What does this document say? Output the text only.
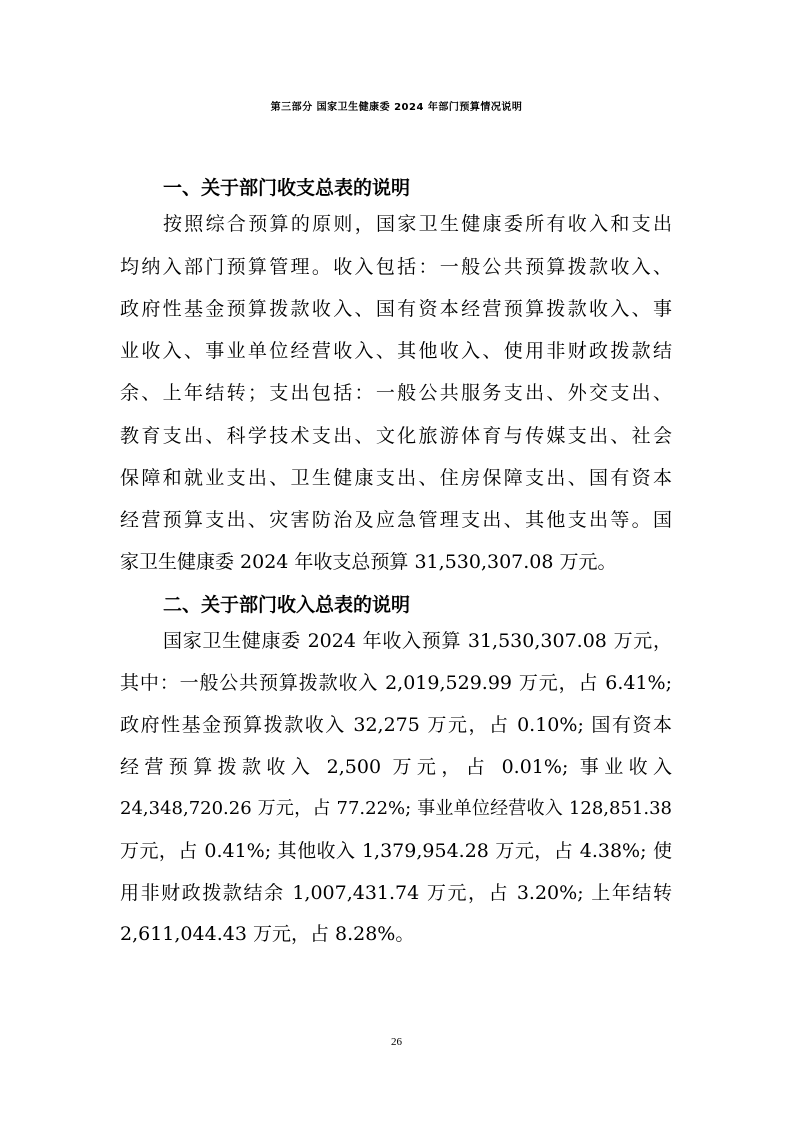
第三部分 国家卫生健康委 2024 年部门预算情况说明
一、关于部门收支总表的说明
按照综合预算的原则，国家卫生健康委所有收入和支出
均纳入部门预算管理。收入包括：一般公共预算拨款收入、
政府性基金预算拨款收入、国有资本经营预算拨款收入、事
业收入、事业单位经营收入、其他收入、使用非财政拨款结
余、上年结转；支出包括：一般公共服务支出、外交支出、
教育支出、科学技术支出、文化旅游体育与传媒支出、社会
保障和就业支出、卫生健康支出、住房保障支出、国有资本
经营预算支出、灾害防治及应急管理支出、其他支出等。国
家卫生健康委 2024 年收支总预算 31,530,307.08 万元。
二、关于部门收入总表的说明
国家卫生健康委 2024 年收入预算 31,530,307.08 万元，
其中：一般公共预算拨款收入 2,019,529.99 万元，占 6.41%;
政府性基金预算拨款收入 32,275 万元，占 0.10%; 国有资本
经营预算拨款收入 2,500 万元，占 0.01%; 事业收入
24,348,720.26 万元，占 77.22%; 事业单位经营收入 128,851.38
万元，占 0.41%; 其他收入 1,379,954.28 万元，占 4.38%; 使
用非财政拨款结余 1,007,431.74 万元，占 3.20%; 上年结转
2,611,044.43 万元，占 8.28%。
26
